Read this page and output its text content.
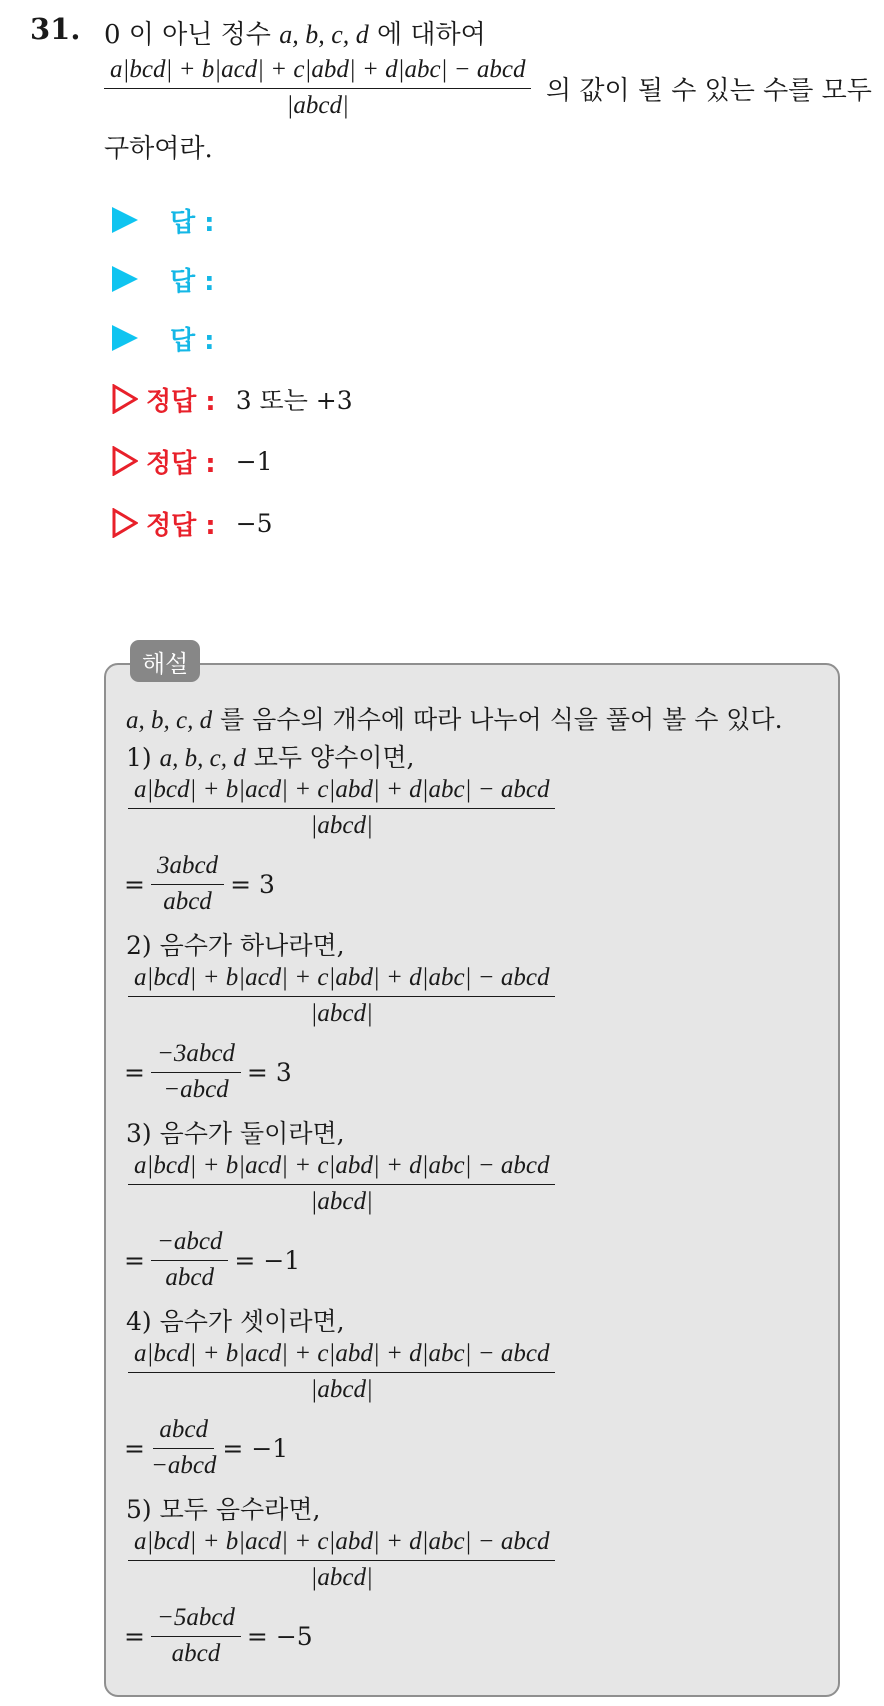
31. 0 이 아닌 정수 a, b, c, d 에 대하여
$\frac{\text{a|bcd| + b|acd| + c|abd| + d|abc| − abcd}}{\text{|abcd|}}$ 의 값이 될 수 있는 수를 모두
구하여라.
답 :
답 :
답 :
정답 : 3 또는 +3
정답 : −1
정답 : −5
해설
a, b, c, d 를 음수의 개수에 따라 나누어 식을 풀어 볼 수 있다.
1) a, b, c, d 모두 양수이면,
$\frac{\text{a|bcd| + b|acd| + c|abd| + d|abc| − abcd}}{\text{|abcd|}}$
= $\frac{\text{3abcd}}{\text{abcd}}$ =
3
2) 음수가 하나라면,
$\frac{\text{a|bcd| + b|acd| + c|abd| + d|abc| − abcd}}{\text{|abcd|}}$
= $\frac{\text{−3abcd}}{\text{−abcd}}$ =
3
3) 음수가 둘이라면,
$\frac{\text{a|bcd| + b|acd| + c|abd| + d|abc| − abcd}}{\text{|abcd|}}$
= $\frac{\text{−abcd}}{\text{abcd}}$ =
−1
4) 음수가 셋이라면,
$\frac{\text{a|bcd| + b|acd| + c|abd| + d|abc| − abcd}}{\text{|abcd|}}$
= $\frac{\text{abcd}}{\text{−abcd}}$ =
−1
5) 모두 음수라면,
$\frac{\text{a|bcd| + b|acd| + c|abd| + d|abc| − abcd}}{\text{|abcd|}}$
= $\frac{\text{−5abcd}}{\text{abcd}}$ =
−5
